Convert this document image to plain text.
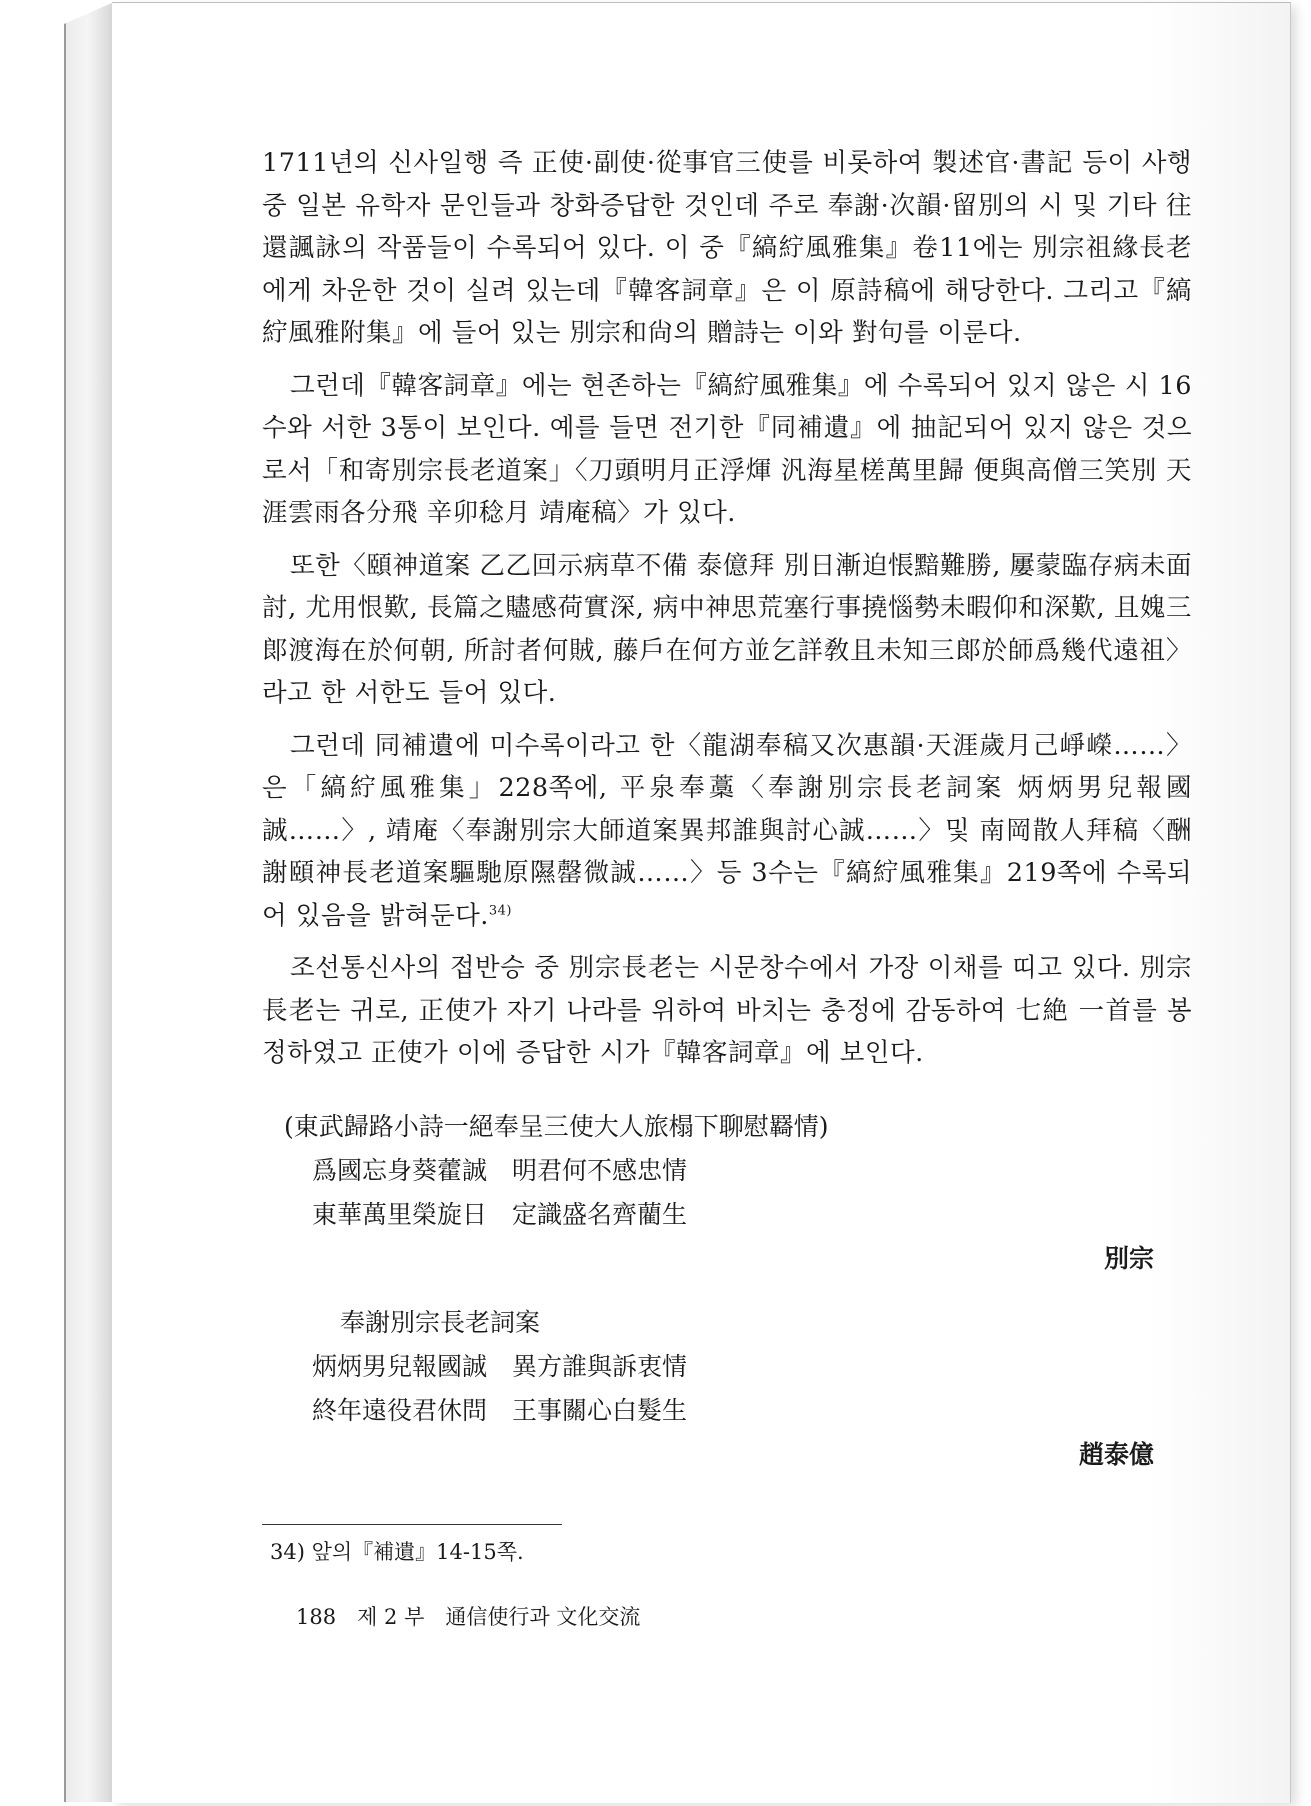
1711년의 신사일행 즉 正使·副使·從事官三使를 비롯하여 製述官·書記 등이 사행중 일본 유학자 문인들과 창화증답한 것인데 주로 奉謝·次韻·留別의 시 및 기타 往還諷詠의 작품들이 수록되어 있다. 이 중『縞紵風雅集』卷11에는 別宗祖緣長老에게 차운한 것이 실려 있는데『韓客詞章』은 이 原詩稿에 해당한다. 그리고『縞紵風雅附集』에 들어 있는 別宗和尙의 贈詩는 이와 對句를 이룬다.

그런데『韓客詞章』에는 현존하는『縞紵風雅集』에 수록되어 있지 않은 시 16수와 서한 3통이 보인다. 예를 들면 전기한『同補遺』에 抽記되어 있지 않은 것으로서「和寄別宗長老道案」〈刀頭明月正浮煇 汎海星槎萬里歸 便與高僧三笑別 天涯雲雨各分飛 辛卯稔月 靖庵稿〉가 있다.

또한〈頤神道案 乙乙回示病草不備 泰億拜 別日漸迫悵黯難勝, 屢蒙臨存病未面討, 尤用恨歎, 長篇之贐感荷實深, 病中神思荒塞行事撓惱勢未暇仰和深歎, 且媿三郞渡海在於何朝, 所討者何賊, 藤戶在何方並乞詳敎且未知三郞於師爲幾代遠祖〉라고 한 서한도 들어 있다.

그런데 同補遺에 미수록이라고 한〈龍湖奉稿又次惠韻·天涯歲月己崢嶸……〉은「縞紵風雅集」228쪽에, 平泉奉藁〈奉謝別宗長老詞案 炳炳男兒報國誠……〉, 靖庵〈奉謝別宗大師道案異邦誰與討心誠……〉및 南岡散人拜稿〈酬謝頤神長老道案驅馳原隰罄微誠……〉등 3수는『縞紵風雅集』219쪽에 수록되어 있음을 밝혀둔다.$^{34)}$

조선통신사의 접반승 중 別宗長老는 시문창수에서 가장 이채를 띠고 있다. 別宗長老는 귀로, 正使가 자기 나라를 위하여 바치는 충정에 감동하여 七絶 一首를 봉정하였고 正使가 이에 증답한 시가『韓客詞章』에 보인다.

(東武歸路小詩一絕奉呈三使大人旅榻下聊慰羇情)

爲國忘身葵藿誠　明君何不感忠情

東華萬里榮旋日　定識盛名齊藺生

別宗

奉謝別宗長老詞案

炳炳男兒報國誠　異方誰與訴衷情

終年遠役君休問　王事關心白髮生

趙泰億

34) 앞의『補遺』14-15쪽.
188　제 2 부　通信使行과 文化交流
